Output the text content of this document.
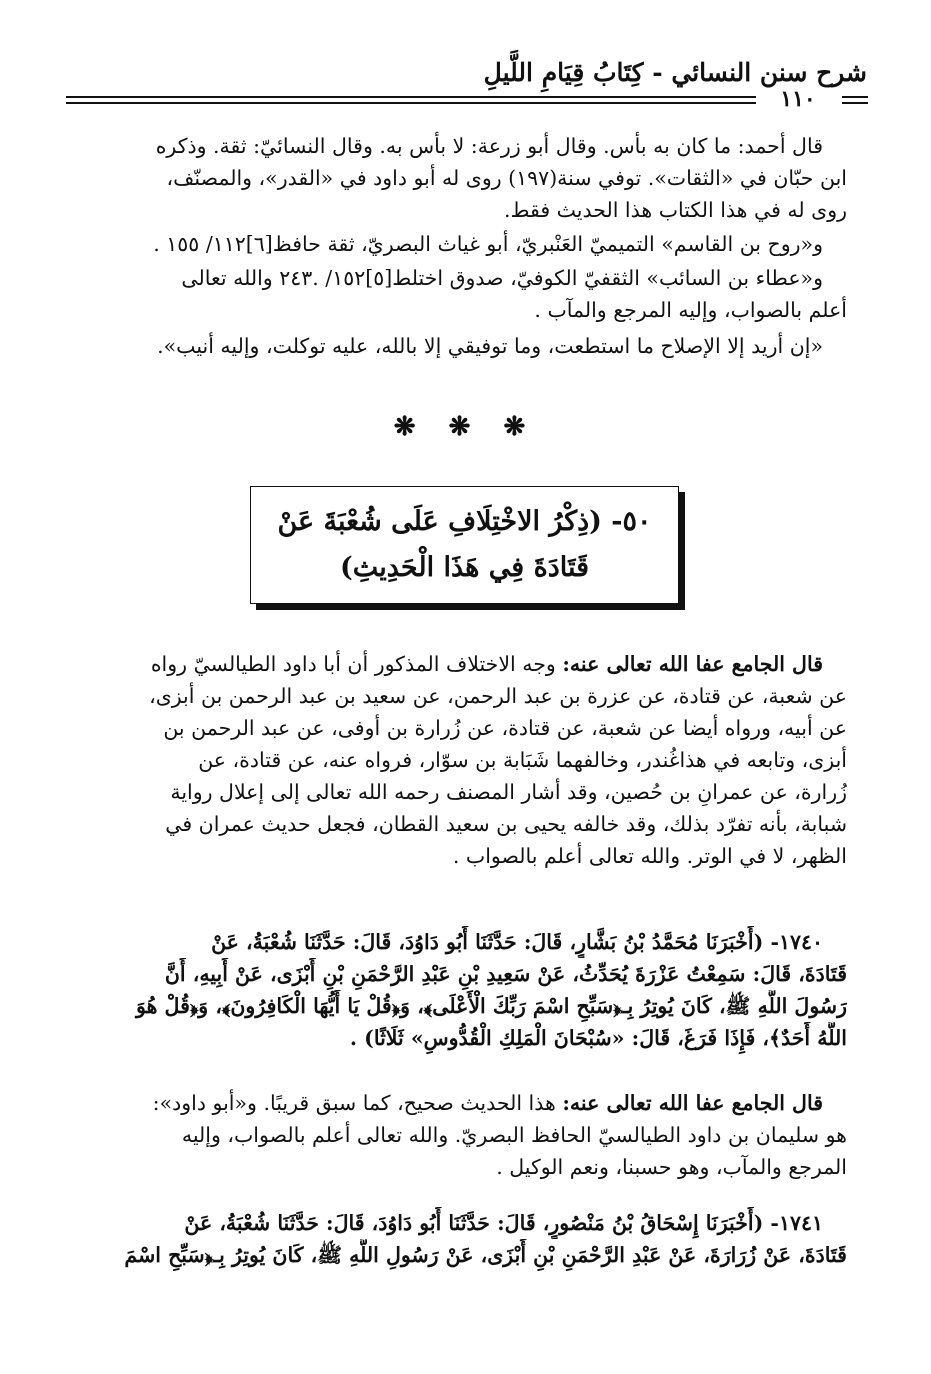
شرح سنن النسائي - كِتَابُ قِيَامِ اللَّيلِ
١١٠
قال أحمد: ما كان به بأس. وقال أبو زرعة: لا بأس به. وقال النسائيّ: ثقة. وذكره
ابن حبّان في «الثقات». توفي سنة(١٩٧) روى له أبو داود في «القدر»، والمصنّف،
روى له في هذا الكتاب هذا الحديث فقط.
و«روح بن القاسم» التميميّ العَنْبريّ، أبو غياث البصريّ، ثقة حافظ[٦]١١٢/ ١٥٥ .
و«عطاء بن السائب» الثقفيّ الكوفيّ، صدوق اختلط[٥]١٥٢/ .٢٤٣ والله تعالى
أعلم بالصواب، وإليه المرجع والمآب .
«إن أريد إلا الإصلاح ما استطعت، وما توفيقي إلا بالله، عليه توكلت، وإليه أنيب».
❋ ❋ ❋
٥٠- (ذِكْرُ الاخْتِلَافِ عَلَى شُعْبَةَ عَنْ
قَتَادَةَ فِي هَذَا الْحَدِيثِ)
قال الجامع عفا الله تعالى عنه: وجه الاختلاف المذكور أن أبا داود الطيالسيّ رواه
عن شعبة، عن قتادة، عن عزرة بن عبد الرحمن، عن سعيد بن عبد الرحمن بن أبزى،
عن أبيه، ورواه أيضا عن شعبة، عن قتادة، عن زُرارة بن أوفى، عن عبد الرحمن بن
أبزى، وتابعه في هذاغُندر، وخالفهما شَبَابة بن سوّار، فرواه عنه، عن قتادة، عن
زُرارة، عن عمرانِ بن حُصين، وقد أشار المصنف رحمه الله تعالى إلى إعلال رواية
شبابة، بأنه تفرّد بذلك، وقد خالفه يحيى بن سعيد القطان، فجعل حديث عمران في
الظهر، لا في الوتر. والله تعالى أعلم بالصواب .
١٧٤٠- (أَخْبَرَنَا مُحَمَّدُ بْنُ بَشَّارٍ، قَالَ: حَدَّثَنَا أَبُو دَاوُدَ، قَالَ: حَدَّثَنَا شُعْبَةُ، عَنْ
قَتَادَةَ، قَالَ: سَمِعْتُ عَزْرَةَ يُحَدِّثُ، عَنْ سَعِيدِ بْنِ عَبْدِ الرَّحْمَنِ بْنِ أَبْزَى، عَنْ أَبِيهِ، أَنَّ
رَسُولَ اللَّهِ ﷺ، كَانَ يُوتِرُ بِـ﴿سَبِّحِ اسْمَ رَبِّكَ الْأَعْلَى﴾، وَ﴿قُلْ يَا أَيُّهَا الْكَافِرُونَ﴾، وَ﴿قُلْ هُوَ
اللَّهُ أَحَدٌ﴾، فَإِذَا فَرَغَ، قَالَ: «سُبْحَانَ الْمَلِكِ الْقُدُّوسِ» ثَلَاثًا) .
قال الجامع عفا الله تعالى عنه: هذا الحديث صحيح، كما سبق قريبًا. و«أبو داود»:
هو سليمان بن داود الطيالسيّ الحافظ البصريّ. والله تعالى أعلم بالصواب، وإليه
المرجع والمآب، وهو حسبنا، ونعم الوكيل .
١٧٤١- (أَخْبَرَنَا إِسْحَاقُ بْنُ مَنْصُورٍ، قَالَ: حَدَّثَنَا أَبُو دَاوُدَ، قَالَ: حَدَّثَنَا شُعْبَةُ، عَنْ
قَتَادَةَ، عَنْ زُرَارَةَ، عَنْ عَبْدِ الرَّحْمَنِ بْنِ أَبْزَى، عَنْ رَسُولِ اللَّهِ ﷺ، كَانَ يُوتِرُ بِـ﴿سَبِّحِ اسْمَ
